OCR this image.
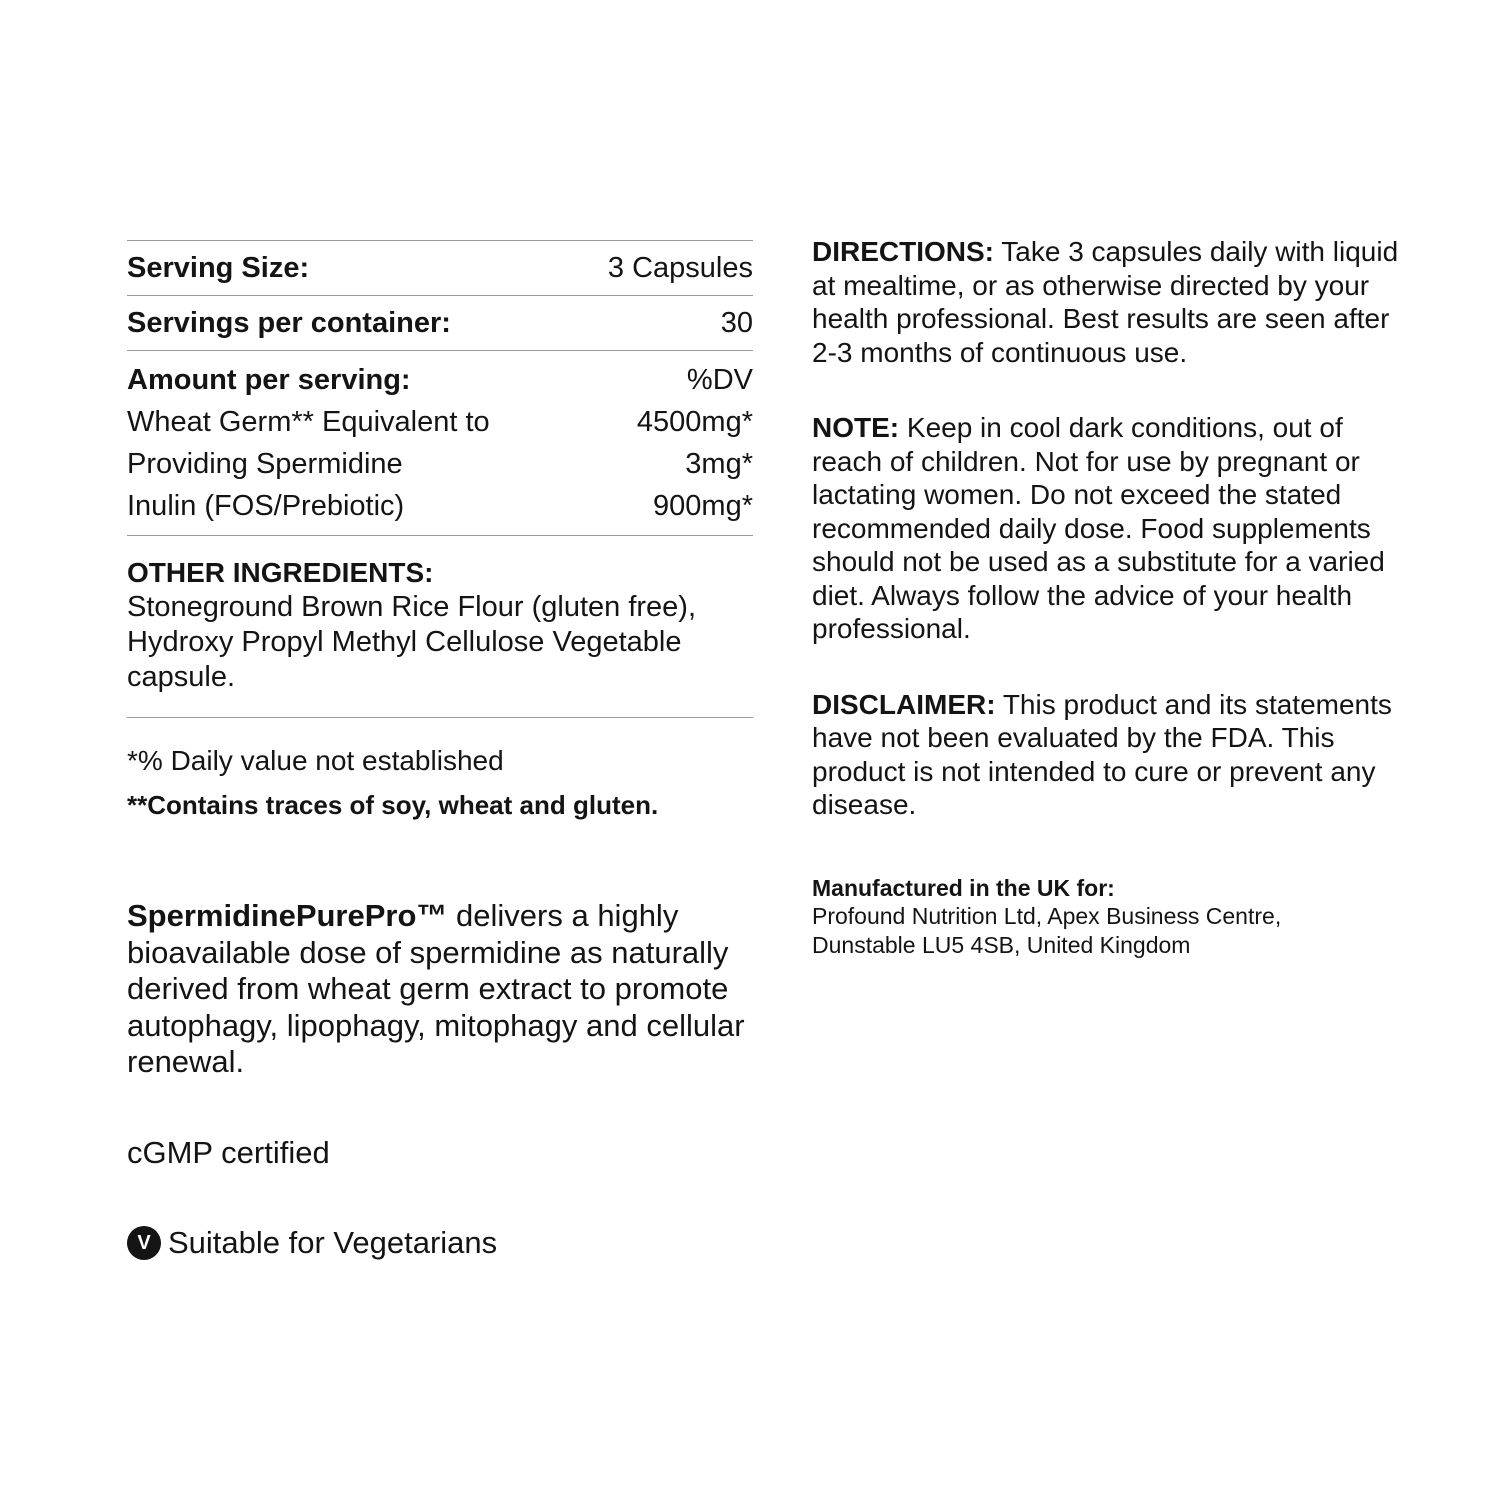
Serving Size:	3 Capsules
Servings per container:	30
Amount per serving:	%DV
Wheat Germ** Equivalent to	4500mg*
Providing Spermidine	3mg*
Inulin (FOS/Prebiotic)	900mg*
OTHER INGREDIENTS:
Stoneground Brown Rice Flour (gluten free), Hydroxy Propyl Methyl Cellulose Vegetable capsule.
*% Daily value not established
**Contains traces of soy, wheat and gluten.
SpermidinePurePro™ delivers a highly bioavailable dose of spermidine as naturally derived from wheat germ extract to promote autophagy, lipophagy, mitophagy and cellular renewal.
cGMP certified
V Suitable for Vegetarians
DIRECTIONS: Take 3 capsules daily with liquid at mealtime, or as otherwise directed by your health professional. Best results are seen after 2-3 months of continuous use.
NOTE: Keep in cool dark conditions, out of reach of children. Not for use by pregnant or lactating women. Do not exceed the stated recommended daily dose. Food supplements should not be used as a substitute for a varied diet. Always follow the advice of your health professional.
DISCLAIMER: This product and its statements have not been evaluated by the FDA. This product is not intended to cure or prevent any disease.
Manufactured in the UK for:
Profound Nutrition Ltd, Apex Business Centre,
Dunstable LU5 4SB, United Kingdom
